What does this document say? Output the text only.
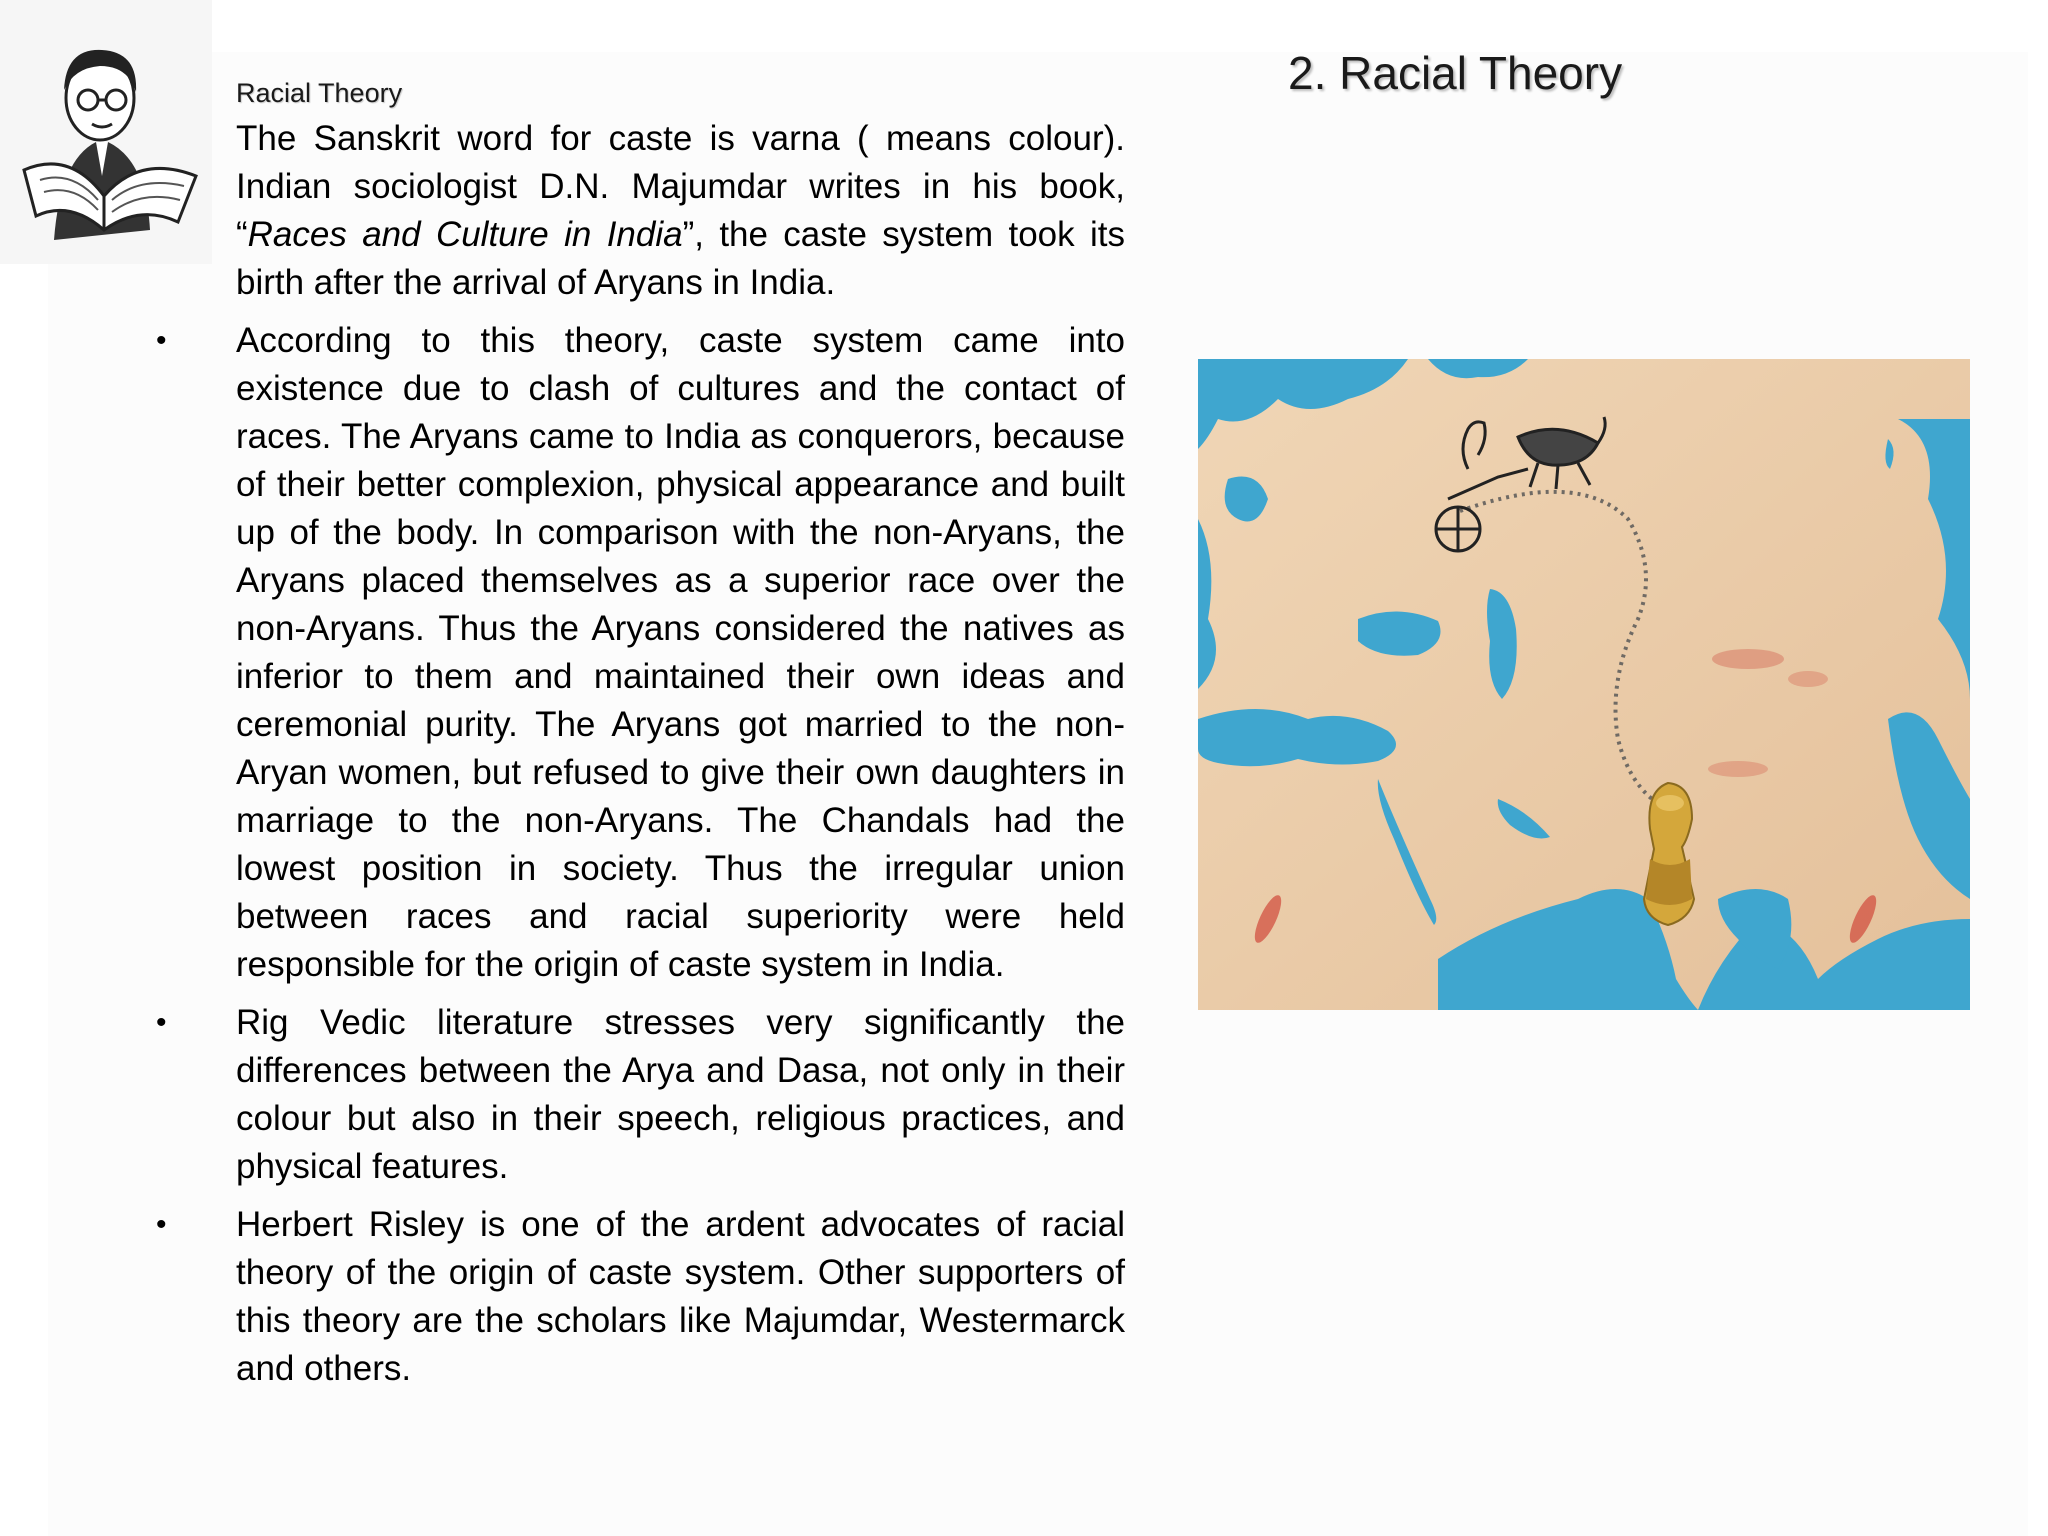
2. Racial Theory
Racial Theory

The Sanskrit word for caste is varna ( means colour). Indian sociologist D.N. Majumdar writes in his book, “Races and Culture in India”, the caste system took its birth after the arrival of Aryans in India.

• According to this theory, caste system came into existence due to clash of cultures and the contact of races. The Aryans came to India as conquerors, because of their better complexion, physical appearance and built up of the body. In comparison with the non-Aryans, the Aryans placed themselves as a superior race over the non-Aryans. Thus the Aryans considered the natives as inferior to them and maintained their own ideas and ceremonial purity. The Aryans got married to the non- Aryan women, but refused to give their own daughters in marriage to the non-Aryans. The Chandals had the lowest position in society. Thus the irregular union between races and racial superiority were held responsible for the origin of caste system in India.

• Rig Vedic literature stresses very significantly the differences between the Arya and Dasa, not only in their colour but also in their speech, religious practices, and physical features.

• Herbert Risley is one of the ardent advocates of racial theory of the origin of caste system. Other supporters of this theory are the scholars like Majumdar, Westermarck and others.
